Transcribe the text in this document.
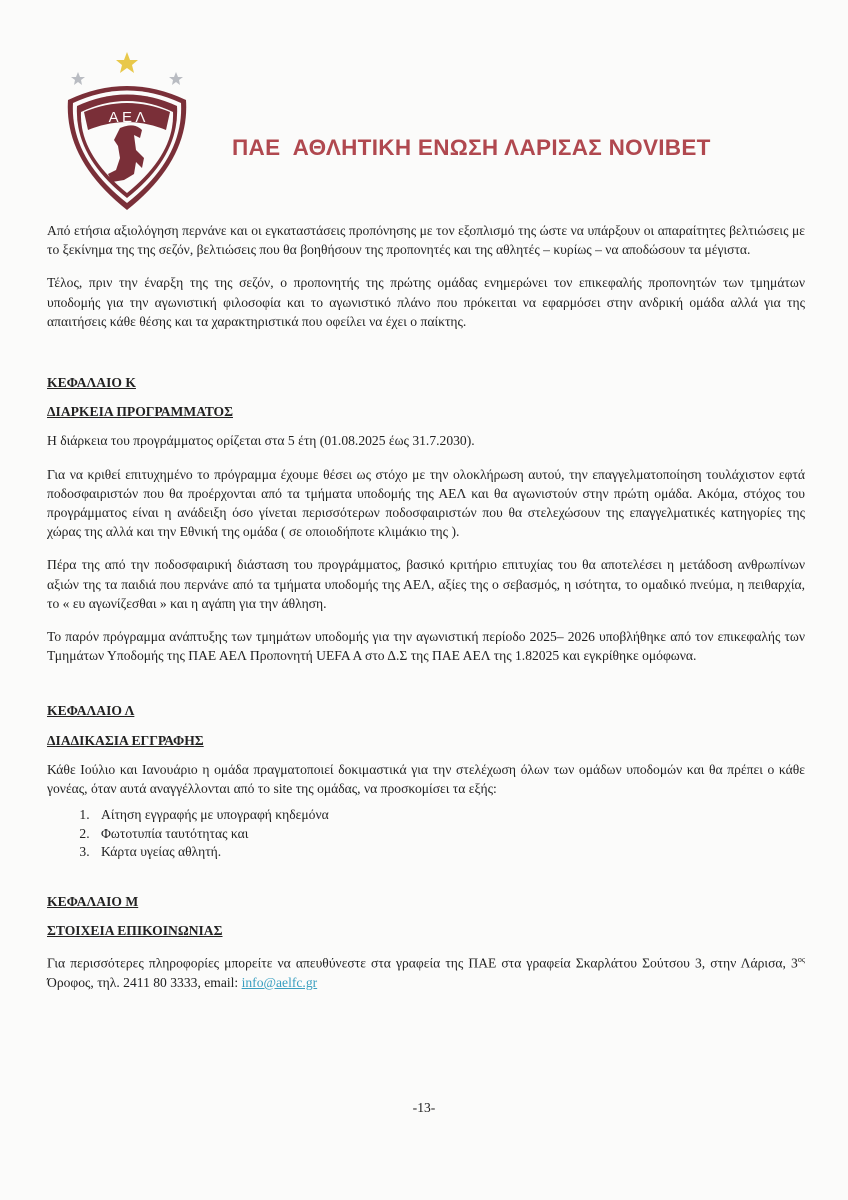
Α Ε Λ
ΠΑΕ  ΑΘΛΗΤΙΚΗ ΕΝΩΣΗ ΛΑΡΙΣΑΣ NOVIBET

Από ετήσια αξιολόγηση περνάνε και οι εγκαταστάσεις προπόνησης με τον εξοπλισμό της ώστε να υπάρξουν οι απαραίτητες βελτιώσεις με το ξεκίνημα της της σεζόν, βελτιώσεις που θα βοηθήσουν της προπονητές και της αθλητές – κυρίως – να αποδώσουν τα μέγιστα.

Τέλος, πριν την έναρξη της της σεζόν, ο προπονητής της πρώτης ομάδας ενημερώνει τον επικεφαλής προπονητών των τμημάτων υποδομής για την αγωνιστική φιλοσοφία και το αγωνιστικό πλάνο που πρόκειται να εφαρμόσει στην ανδρική ομάδα αλλά για της απαιτήσεις κάθε θέσης και τα χαρακτηριστικά που οφείλει να έχει ο παίκτης.

ΚΕΦΑΛΑΙΟ Κ
ΔΙΑΡΚΕΙΑ ΠΡΟΓΡΑΜΜΑΤΟΣ

Η διάρκεια του προγράμματος ορίζεται στα 5 έτη (01.08.2025 έως 31.7.2030).

Για να κριθεί επιτυχημένο το πρόγραμμα έχουμε θέσει ως στόχο με την ολοκλήρωση αυτού, την επαγγελματοποίηση τουλάχιστον εφτά ποδοσφαιριστών που θα προέρχονται από τα τμήματα υποδομής της ΑΕΛ και θα αγωνιστούν στην πρώτη ομάδα. Ακόμα, στόχος του προγράμματος είναι η ανάδειξη όσο γίνεται περισσότερων ποδοσφαιριστών που θα στελεχώσουν της επαγγελματικές κατηγορίες της χώρας της αλλά και την Εθνική της ομάδα ( σε οποιοδήποτε κλιμάκιο της ).

Πέρα της από την ποδοσφαιρική διάσταση του προγράμματος, βασικό κριτήριο επιτυχίας του θα αποτελέσει η μετάδοση ανθρωπίνων αξιών της τα παιδιά που περνάνε από τα τμήματα υποδομής της ΑΕΛ, αξίες της ο σεβασμός, η ισότητα, το ομαδικό πνεύμα, η πειθαρχία, το « ευ αγωνίζεσθαι » και η αγάπη για την άθληση.

Το παρόν πρόγραμμα ανάπτυξης των τμημάτων υποδομής για την αγωνιστική περίοδο 2025– 2026 υποβλήθηκε από τον επικεφαλής των Τμημάτων Υποδομής της ΠΑΕ ΑΕΛ Προπονητή UEFA A στο Δ.Σ της ΠΑΕ ΑΕΛ της 1.82025 και εγκρίθηκε ομόφωνα.

ΚΕΦΑΛΑΙΟ Λ
ΔΙΑΔΙΚΑΣΙΑ ΕΓΓΡΑΦΗΣ

Κάθε Ιούλιο και Ιανουάριο η ομάδα πραγματοποιεί δοκιμαστικά για την στελέχωση όλων των ομάδων υποδομών και θα πρέπει ο κάθε γονέας, όταν αυτά αναγγέλλονται από το site της ομάδας, να προσκομίσει τα εξής:

1. Αίτηση εγγραφής με υπογραφή κηδεμόνα
2. Φωτοτυπία ταυτότητας και
3. Κάρτα υγείας αθλητή.
ΚΕΦΑΛΑΙΟ Μ
ΣΤΟΙΧΕΙΑ ΕΠΙΚΟΙΝΩΝΙΑΣ

Για περισσότερες πληροφορίες μπορείτε να απευθύνεστε στα γραφεία της ΠΑΕ στα γραφεία Σκαρλάτου Σούτσου 3, στην Λάρισα, $3^{o\varsigma}$ Όροφος, τηλ. 2411 80 3333, email: info@aelfc.gr

-13-
